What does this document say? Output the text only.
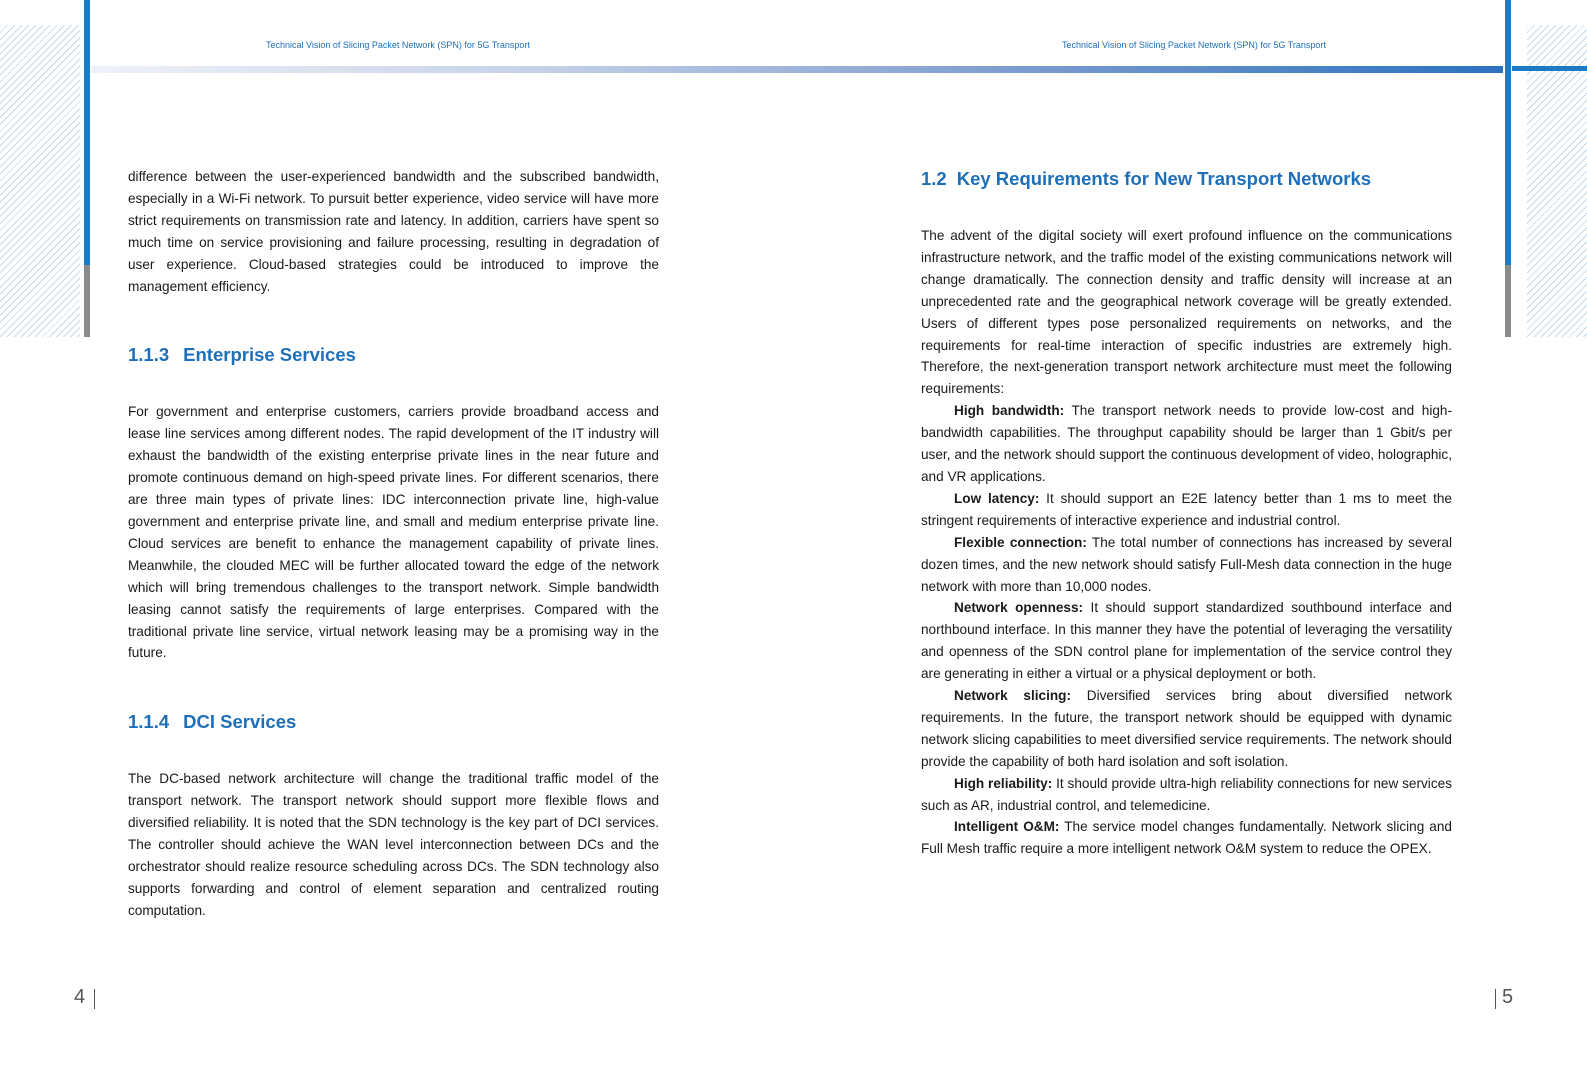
Technical Vision of Slicing Packet Network (SPN) for 5G Transport	Technical Vision of Slicing Packet Network (SPN) for 5G Transport

difference between the user-experienced bandwidth and the subscribed bandwidth, especially in a Wi-Fi network. To pursuit better experience, video service will have more strict requirements on transmission rate and latency. In addition, carriers have spent so much time on service provisioning and failure processing, resulting in degradation of user experience. Cloud-based strategies could be introduced to improve the management efficiency.

1.1.3 Enterprise Services

For government and enterprise customers, carriers provide broadband access and lease line services among different nodes. The rapid development of the IT industry will exhaust the bandwidth of the existing enterprise private lines in the near future and promote continuous demand on high-speed private lines. For different scenarios, there are three main types of private lines: IDC interconnection private line, high-value government and enterprise private line, and small and medium enterprise private line. Cloud services are benefit to enhance the management capability of private lines. Meanwhile, the clouded MEC will be further allocated toward the edge of the network which will bring tremendous challenges to the transport network. Simple bandwidth leasing cannot satisfy the requirements of large enterprises. Compared with the traditional private line service, virtual network leasing may be a promising way in the future.

1.1.4 DCI Services

The DC-based network architecture will change the traditional traffic model of the transport network. The transport network should support more flexible flows and diversified reliability. It is noted that the SDN technology is the key part of DCI services. The controller should achieve the WAN level interconnection between DCs and the orchestrator should realize resource scheduling across DCs. The SDN technology also supports forwarding and control of element separation and centralized routing computation.

1.2 Key Requirements for New Transport Networks

The advent of the digital society will exert profound influence on the communications infrastructure network, and the traffic model of the existing communications network will change dramatically. The connection density and traffic density will increase at an unprecedented rate and the geographical network coverage will be greatly extended. Users of different types pose personalized requirements on networks, and the requirements for real-time interaction of specific industries are extremely high. Therefore, the next-generation transport network architecture must meet the following requirements:

High bandwidth: The transport network needs to provide low-cost and high-bandwidth capabilities. The throughput capability should be larger than 1 Gbit/s per user, and the network should support the continuous development of video, holographic, and VR applications.

Low latency: It should support an E2E latency better than 1 ms to meet the stringent requirements of interactive experience and industrial control.

Flexible connection: The total number of connections has increased by several dozen times, and the new network should satisfy Full-Mesh data connection in the huge network with more than 10,000 nodes.

Network openness: It should support standardized southbound interface and northbound interface. In this manner they have the potential of leveraging the versatility and openness of the SDN control plane for implementation of the service control they are generating in either a virtual or a physical deployment or both.

Network slicing: Diversified services bring about diversified network requirements. In the future, the transport network should be equipped with dynamic network slicing capabilities to meet diversified service requirements. The network should provide the capability of both hard isolation and soft isolation.

High reliability: It should provide ultra-high reliability connections for new services such as AR, industrial control, and telemedicine.

Intelligent O&M: The service model changes fundamentally. Network slicing and Full Mesh traffic require a more intelligent network O&M system to reduce the OPEX.

4	5
